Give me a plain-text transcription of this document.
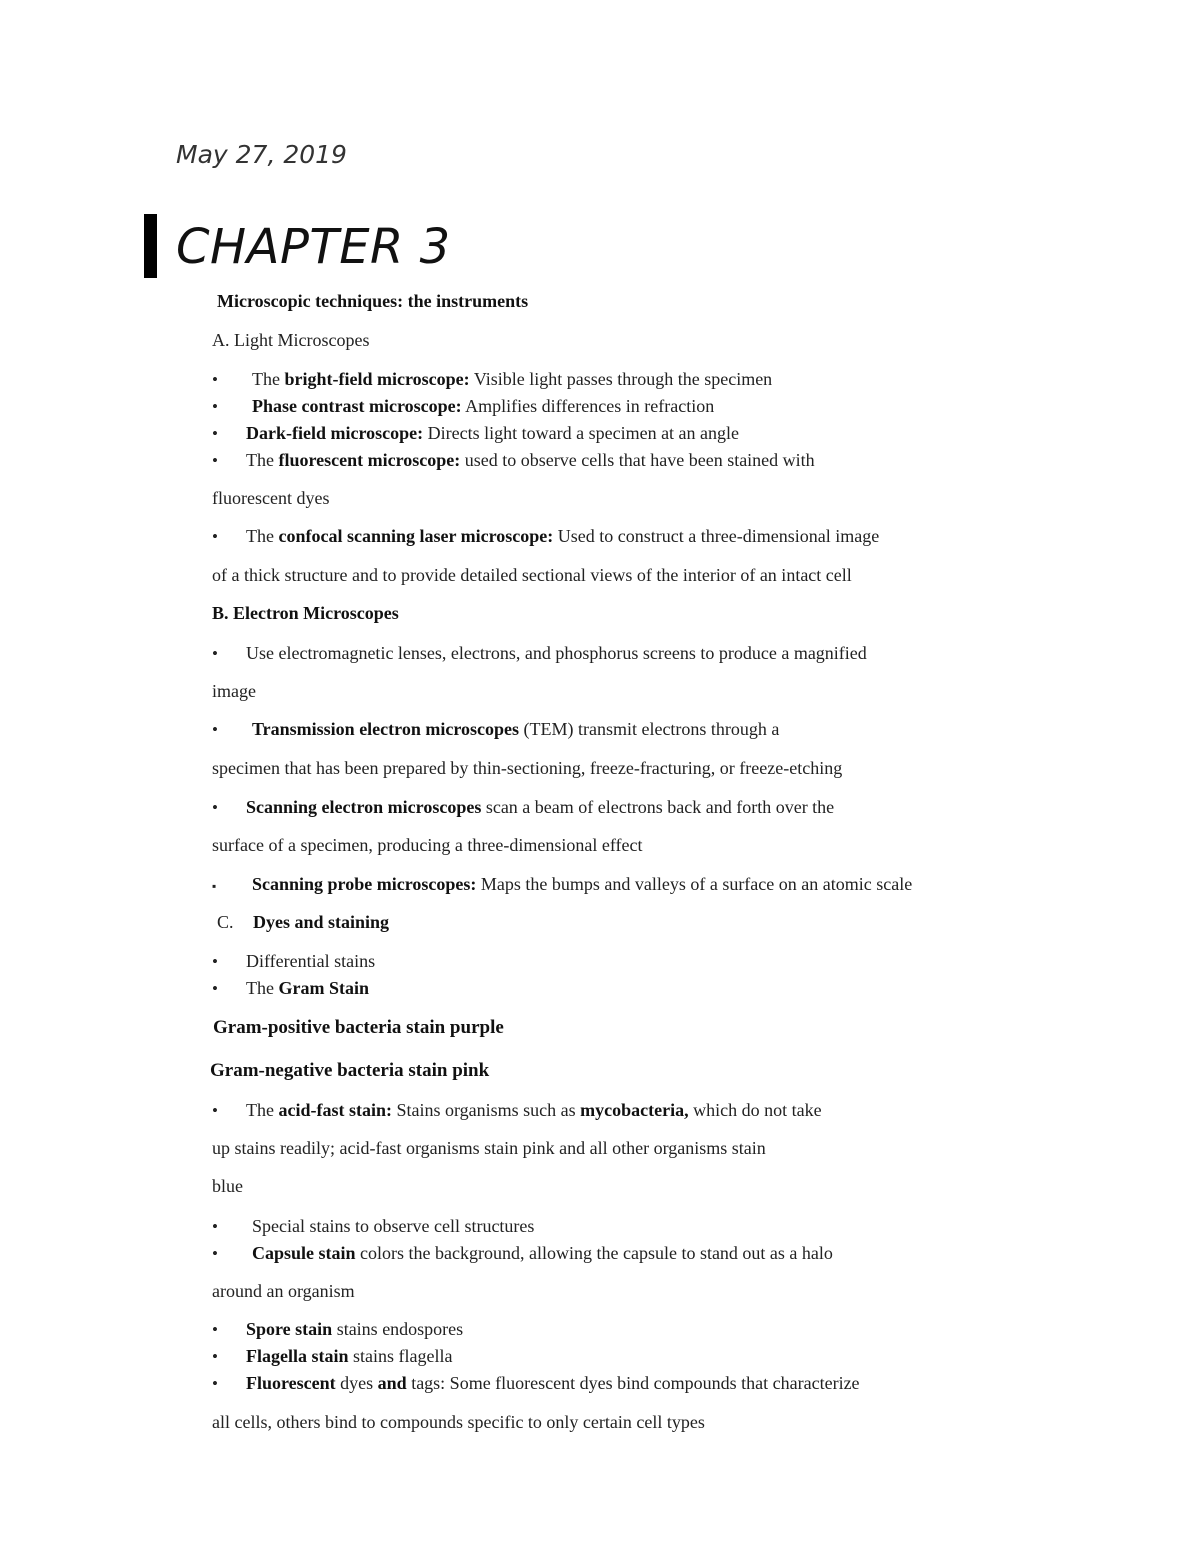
May 27, 2019

CHAPTER 3

Microscopic techniques: the instruments

A. Light Microscopes

• The bright-field microscope: Visible light passes through the specimen

• Phase contrast microscope: Amplifies differences in refraction

• Dark-field microscope: Directs light toward a specimen at an angle

• The fluorescent microscope: used to observe cells that have been stained with

fluorescent dyes

• The confocal scanning laser microscope: Used to construct a three-dimensional image

of a thick structure and to provide detailed sectional views of the interior of an intact cell

B. Electron Microscopes

• Use electromagnetic lenses, electrons, and phosphorus screens to produce a magnified

image

• Transmission electron microscopes (TEM) transmit electrons through a

specimen that has been prepared by thin-sectioning, freeze-fracturing, or freeze-etching

• Scanning electron microscopes scan a beam of electrons back and forth over the

surface of a specimen, producing a three-dimensional effect

▪ Scanning probe microscopes: Maps the bumps and valleys of a surface on an atomic scale

C. Dyes and staining

• Differential stains

• The Gram Stain

Gram-positive bacteria stain purple

Gram-negative bacteria stain pink

• The acid-fast stain: Stains organisms such as mycobacteria, which do not take

up stains readily; acid-fast organisms stain pink and all other organisms stain

blue

• Special stains to observe cell structures

• Capsule stain colors the background, allowing the capsule to stand out as a halo

around an organism

• Spore stain stains endospores

• Flagella stain stains flagella

• Fluorescent dyes and tags: Some fluorescent dyes bind compounds that characterize

all cells, others bind to compounds specific to only certain cell types
